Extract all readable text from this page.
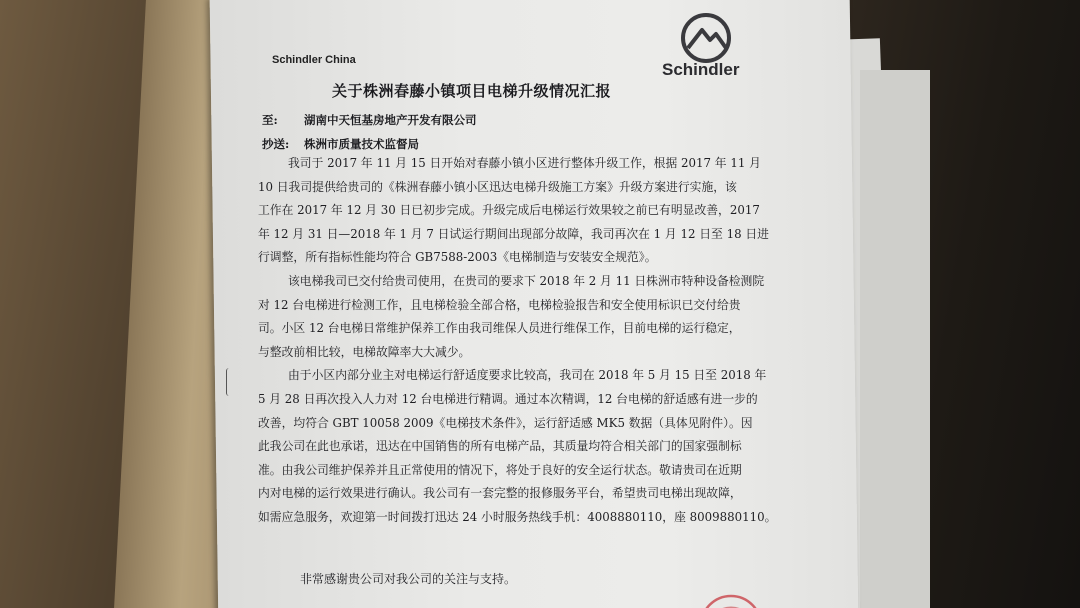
Schindler China	Schindler
关于株洲春藤小镇项目电梯升级情况汇报
至: 湖南中天恒基房地产开发有限公司
抄送: 株洲市质量技术监督局
我司于 2017 年 11 月 15 日开始对春藤小镇小区进行整体升级工作，根据 2017 年 11 月
10 日我司提供给贵司的《株洲春藤小镇小区迅达电梯升级施工方案》升级方案进行实施，该
工作在 2017 年 12 月 30 日已初步完成。升级完成后电梯运行效果较之前已有明显改善，2017
年 12 月 31 日—2018 年 1 月 7 日试运行期间出现部分故障，我司再次在 1 月 12 日至 18 日进
行调整，所有指标性能均符合 GB7588-2003《电梯制造与安装安全规范》。
该电梯我司已交付给贵司使用，在贵司的要求下 2018 年 2 月 11 日株洲市特种设备检测院
对 12 台电梯进行检测工作，且电梯检验全部合格，电梯检验报告和安全使用标识已交付给贵
司。小区 12 台电梯日常维护保养工作由我司维保人员进行维保工作，目前电梯的运行稳定，
与整改前相比较，电梯故障率大大减少。
由于小区内部分业主对电梯运行舒适度要求比较高，我司在 2018 年 5 月 15 日至 2018 年
5 月 28 日再次投入人力对 12 台电梯进行精调。通过本次精调，12 台电梯的舒适感有进一步的
改善，均符合 GBT 10058 2009《电梯技术条件》，运行舒适感 MK5 数据（具体见附件）。因
此我公司在此也承诺，迅达在中国销售的所有电梯产品，其质量均符合相关部门的国家强制标
准。由我公司维护保养并且正常使用的情况下，将处于良好的安全运行状态。敬请贵司在近期
内对电梯的运行效果进行确认。我公司有一套完整的报修服务平台，希望贵司电梯出现故障，
如需应急服务，欢迎第一时间拨打迅达 24 小时服务热线手机：4008880110，座 8009880110。
非常感谢贵公司对我公司的关注与支持。
